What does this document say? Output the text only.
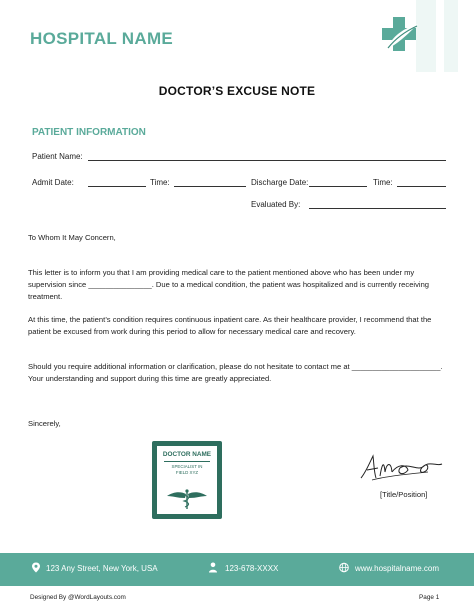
HOSPITAL NAME
DOCTOR’S EXCUSE NOTE
PATIENT INFORMATION
Patient Name:
Admit Date:	Time:	Discharge Date:	Time:
Evaluated By:
To Whom It May Concern,
This letter is to inform you that I am providing medical care to the patient mentioned above who has been under my supervision since _______________. Due to a medical condition, the patient was hospitalized and is currently receiving treatment.
At this time, the patient’s condition requires continuous inpatient care. As their healthcare provider, I recommend that the patient be excused from work during this period to allow for necessary medical care and recovery.
Should you require additional information or clarification, please do not hesitate to contact me at _____________________. Your understanding and support during this time are greatly appreciated.
Sincerely,
DOCTOR NAME
SPECIALIST IN
FIELD XYZ
[Title/Position]
123 Any Street, New York, USA	123-678-XXXX	www.hospitalname.com
Designed By @WordLayouts.com	Page 1
